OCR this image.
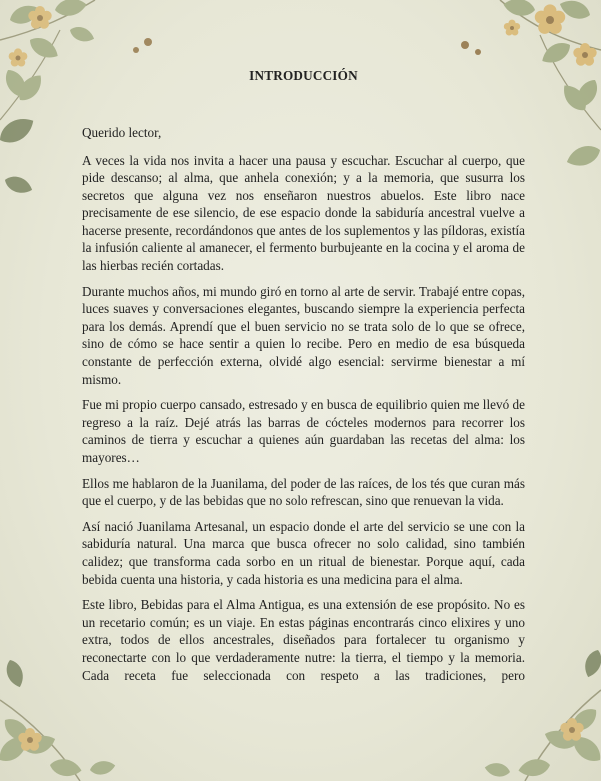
INTRODUCCIÓN

Querido lector,

A veces la vida nos invita a hacer una pausa y escuchar. Escuchar al cuerpo, que pide descanso; al alma, que anhela conexión; y a la memoria, que susurra los secretos que alguna vez nos enseñaron nuestros abuelos. Este libro nace precisamente de ese silencio, de ese espacio donde la sabiduría ancestral vuelve a hacerse presente, recordándonos que antes de los suplementos y las píldoras, existía la infusión caliente al amanecer, el fermento burbujeante en la cocina y el aroma de las hierbas recién cortadas.

Durante muchos años, mi mundo giró en torno al arte de servir. Trabajé entre copas, luces suaves y conversaciones elegantes, buscando siempre la experiencia perfecta para los demás. Aprendí que el buen servicio no se trata solo de lo que se ofrece, sino de cómo se hace sentir a quien lo recibe. Pero en medio de esa búsqueda constante de perfección externa, olvidé algo esencial: servirme bienestar a mí mismo.

Fue mi propio cuerpo cansado, estresado y en busca de equilibrio quien me llevó de regreso a la raíz. Dejé atrás las barras de cócteles modernos para recorrer los caminos de tierra y escuchar a quienes aún guardaban las recetas del alma: los mayores…

Ellos me hablaron de la Juanilama, del poder de las raíces, de los tés que curan más que el cuerpo, y de las bebidas que no solo refrescan, sino que renuevan la vida.

Así nació Juanilama Artesanal, un espacio donde el arte del servicio se une con la sabiduría natural. Una marca que busca ofrecer no solo calidad, sino también calidez; que transforma cada sorbo en un ritual de bienestar. Porque aquí, cada bebida cuenta una historia, y cada historia es una medicina para el alma.

Este libro, Bebidas para el Alma Antigua, es una extensión de ese propósito. No es un recetario común; es un viaje. En estas páginas encontrarás cinco elixires y uno extra, todos de ellos ancestrales, diseñados para fortalecer tu organismo y reconectarte con lo que verdaderamente nutre: la tierra, el tiempo y la memoria. Cada receta fue seleccionada con respeto a las tradiciones, pero
